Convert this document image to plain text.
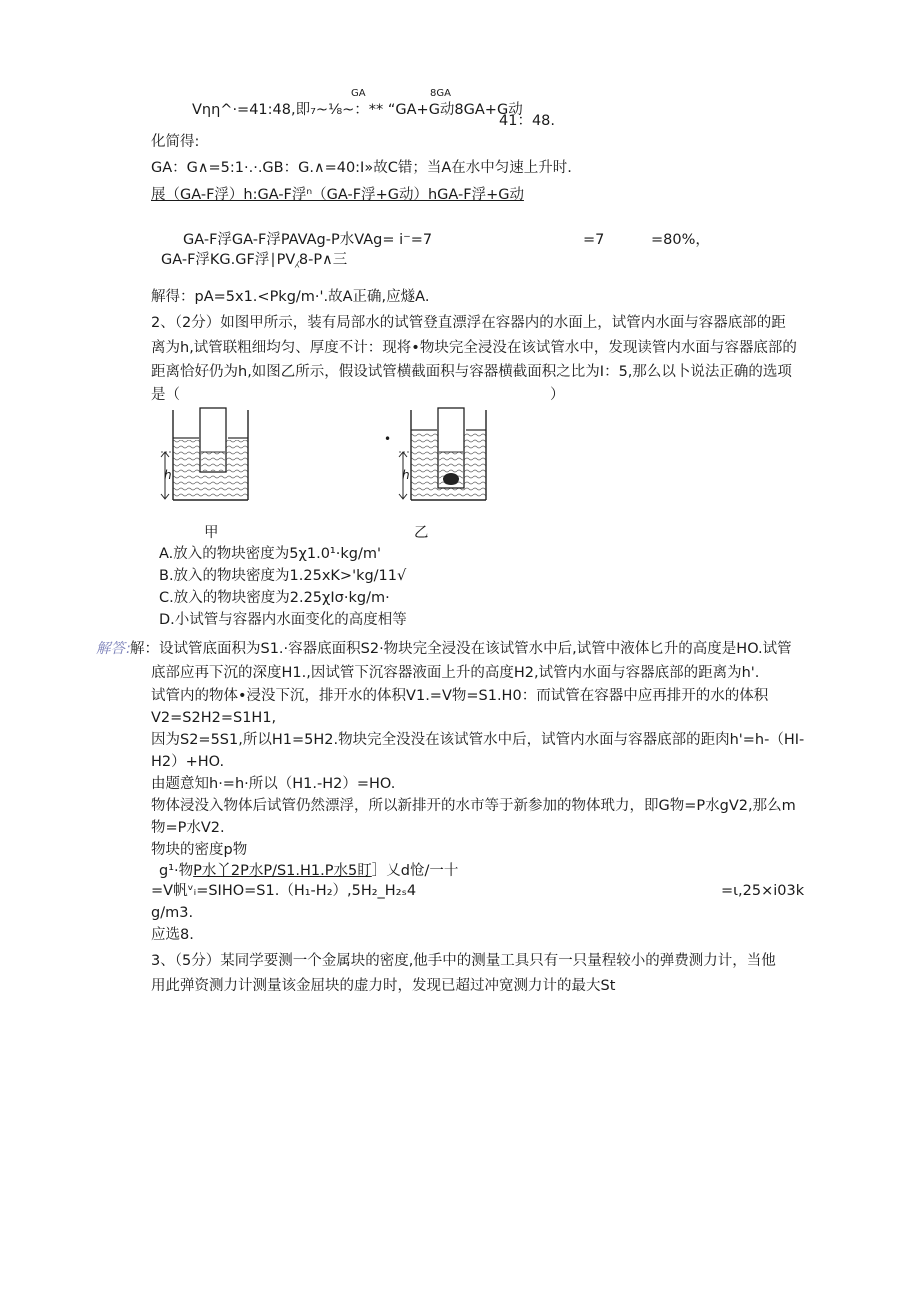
GA	8GA
Vηη^·=41:48,即₇~⅛~：** “GA+G动8GA+G动
41：48.
化简得:
GA：G∧=5:1·.·.GB：G.∧=40:I»故C错；当A在水中匀速上升时.
展（GA-F浮）h:GA-F浮ⁿ（GA-F浮+G动）hGA-F浮+G动
GA-F浮GA-F浮PAVAg-P水VAg= i⁻=7	=7	=80%，
GA-F浮KG.GF浮∣PV⁁8-P∧三
解得：pA=5x1.<Pkg∕m·'.故A正确,应燧A.
2、（2分）如图甲所示，装有局部水的试管登直漂浮在容器内的水面上，试管内水面与容器底部的距
离为h,试管联粗细均匀、厚度不计：现将•物块完全浸没在该试管水中，发现读管内水面与容器底部的
距离恰好仍为h,如图乙所示，假设试管横截面积与容器横截面积之比为I：5,那么以卜说法正确的选项
是（	）
h	h
•
甲	乙
A.放入的物块密度为5χ1.0¹·kg∕m'
B.放入的物块密度为1.25xK>'kg∕11√
C.放入的物块密度为2.25χIσ·kg∕m·
D.小试管与容器内水面变化的高度相等
解答 : 解：设试管底面积为S1.·容器底面积S2·物块完全浸没在该试管水中后,试管中液体匕升的高度是HO.试管
底部应再下沉的深度H1.,因试管下沉容器液面上升的高度H2,试管内水面与容器底部的距离为h'.
试管内的物体•浸没下沉，排开水的体积V1.=V物=S1.H0：而试管在容器中应再排开的水的体积
V2=S2H2=S1H1,
因为S2=5S1,所以H1=5H2.物块完全没没在该试管水中后，试管内水面与容器底部的距肉h'=h-（HI-
H2）+HO.
由题意知h·=h·所以（H1.-H2）=HO.
物体浸没入物体后试管仍然漂浮，所以新排开的水市等于新参加的物体玳力，即G物=P水gV2,那么m
物=P水V2.
物块的密度p物
g¹·物P水丫2P水P/S1.H1.P水5盯］乂d怆/一十
=V帆ᵛᵢ=SIHO=S1.（H₁-H₂）,5H₂_H₂ₛ4	=ι,25×i03k
g∕m3.
应选8.
3、（5分）某同学要测一个金属块的密度,他手中的测量工具只有一只量程较小的弹费测力计，当他
用此弹资测力计测量该金屈块的虚力时，发现已超过冲宽测力计的最大St
